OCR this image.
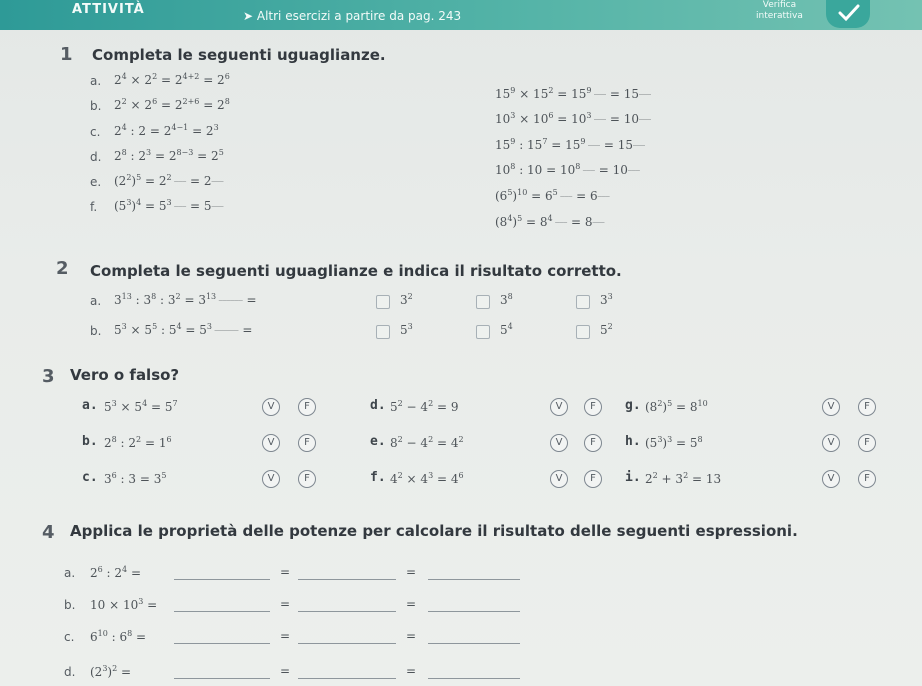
ATTIVITÀ	➤ Altri esercizi a partire da pag. 243
Verifica
interattiva
1 Completa le seguenti uguaglianze.
a. $2^4 \times 2^2 = 2^{4+2} = 2^6$
b. $2^2 \times 2^6 = 2^{2+6} = 2^8$
c. $2^4$ : $2 = 2^{4-1} = 2^3$
d. $2^8$ : $2^3 = 2^{8-3} = 2^5$
e. $(2^2)^5 = 2^{2 \_\_\_} = 2^{\_\_\_}$
f. $(5^3)^4 = 5^{3 \_\_\_} = 5^{\_\_\_}$
$15^9 \times 15^2 = 15^{9 \_\_\_} = 15^{\_\_\_}$
$10^3 \times 10^6 = 10^{3 \_\_\_} = 10^{\_\_\_}$
$15^9$ : $15^7 = 15^{9 \_\_\_} = 15^{\_\_\_}$
$10^8$ : $10 = 10^{8 \_\_\_} = 10^{\_\_\_}$
$(6^5)^{10} = 6^{5 \_\_\_} = 6^{\_\_\_}$
$(8^4)^5 = 8^{4 \_\_\_} = 8^{\_\_\_}$
2 Completa le seguenti uguaglianze e indica il risultato corretto.
a. $3^{13}$ : $3^8$ : $3^2 = 3^{13 \_\_\_\_\_\_}$ =	$3^2$	$3^8$	$3^3$
b. $5^3 \times 5^5$ : $5^4 = 5^{3 \_\_\_\_\_\_}$ =	$5^3$	$5^4$	$5^2$
3 Vero o falso?
a. $5^3 \times 5^4 = 5^7$	V	F
b. $2^8$ : $2^2 = 1^6$	V	F
c. $3^6$ : $3 = 3^5$	V	F
d. $5^2 - 4^2 = 9$	V	F
e. $8^2 - 4^2 = 4^2$	V	F
f. $4^2 \times 4^3 = 4^6$	V	F
g. $(8^2)^5 = 8^{10}$	V	F
h. $(5^3)^3 = 5^8$	V	F
i. $2^2 + 3^2 = 13$	V	F
4 Applica le proprietà delle potenze per calcolare il risultato delle seguenti espressioni.
a. $2^6$ : $2^4$ =	=	=
b. $10 \times 10^3$ =	=	=
c. $6^{10}$ : $6^8$ =	=	=
d. $(2^3)^2$ =	=	=
